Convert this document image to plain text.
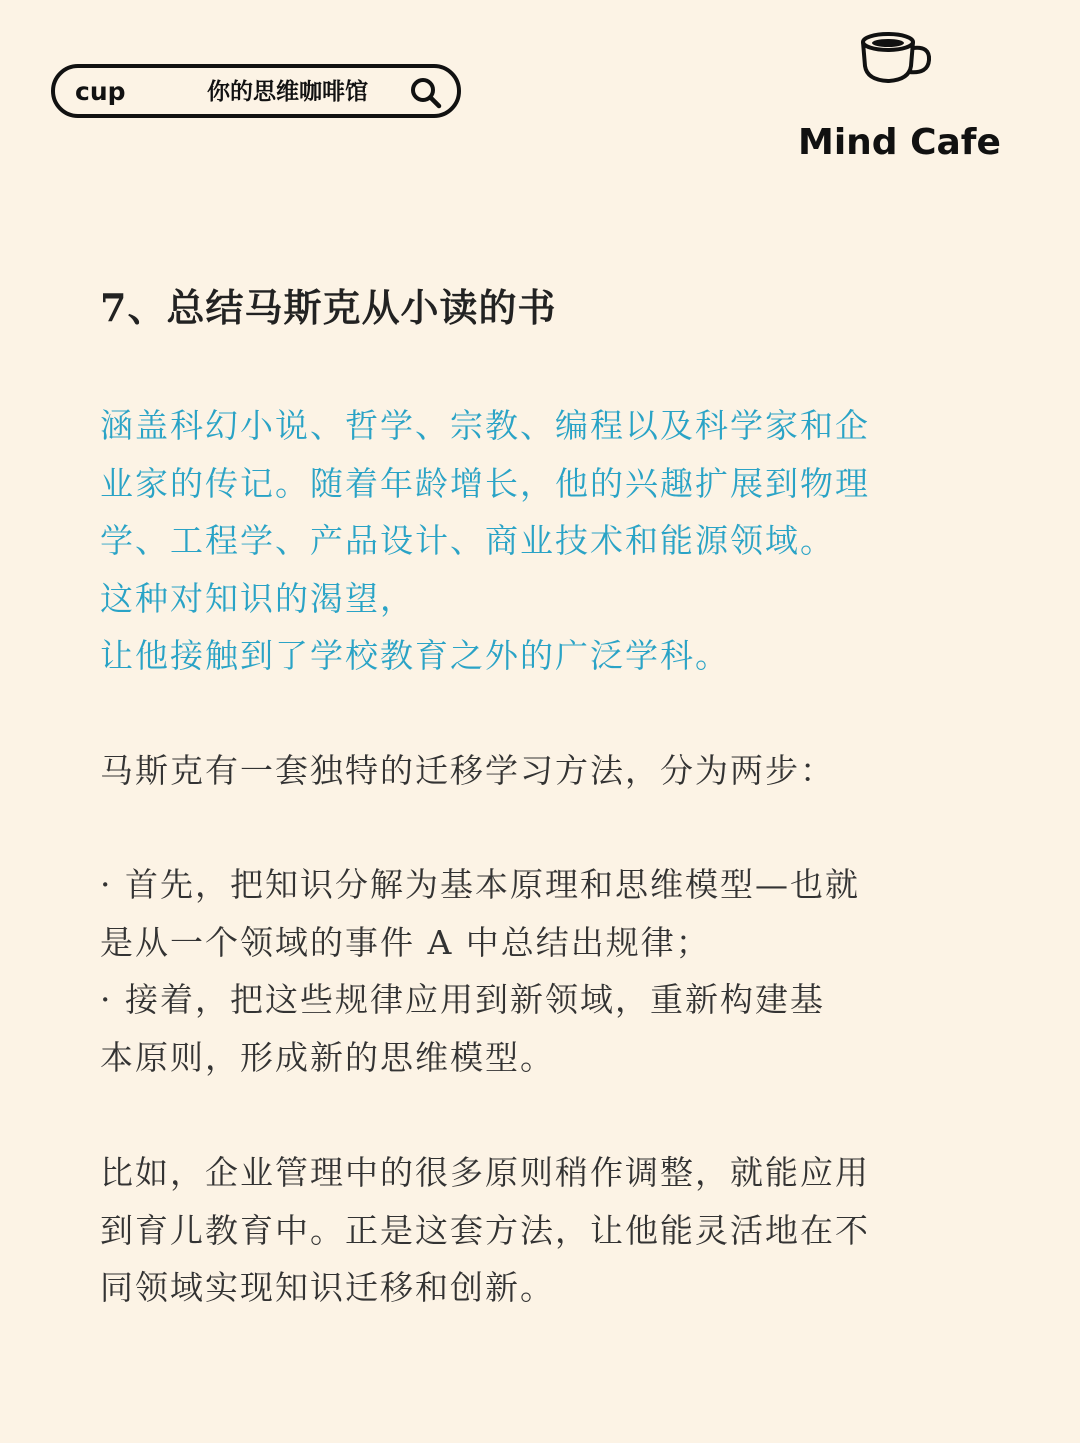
cup	你的思维咖啡馆
Mind Cafe
7、总结马斯克从小读的书

涵盖科幻小说、哲学、宗教、编程以及科学家和企
业家的传记。随着年龄增长，他的兴趣扩展到物理
学、工程学、产品设计、商业技术和能源领域。
这种对知识的渴望，
让他接触到了学校教育之外的广泛学科。

马斯克有一套独特的迁移学习方法，分为两步：

· 首先，把知识分解为基本原理和思维模型—也就
是从一个领域的事件 A 中总结出规律；
· 接着，把这些规律应用到新领域，重新构建基
本原则，形成新的思维模型。

比如，企业管理中的很多原则稍作调整，就能应用
到育儿教育中。正是这套方法，让他能灵活地在不
同领域实现知识迁移和创新。
